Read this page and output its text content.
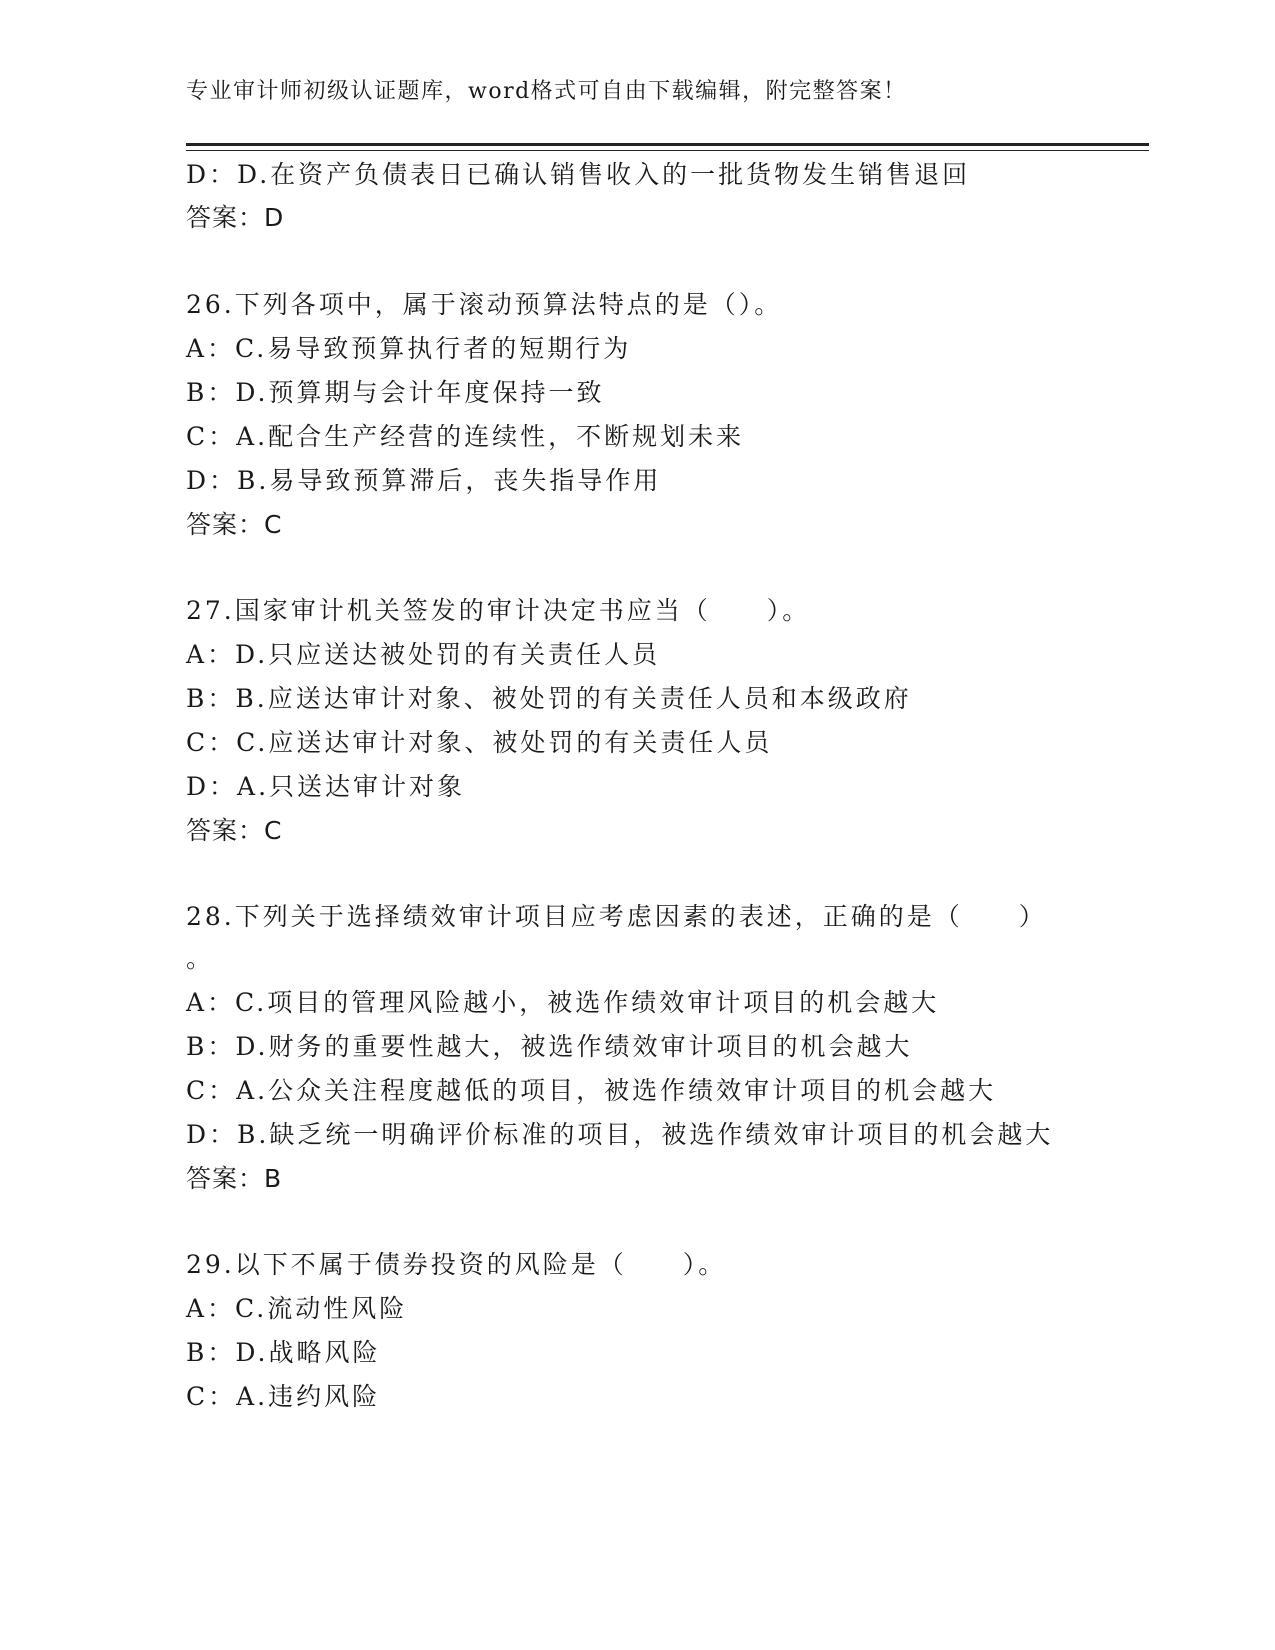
专业审计师初级认证题库，word格式可自由下载编辑，附完整答案！
D：D.在资产负债表日已确认销售收入的一批货物发生销售退回
答案：D
26.下列各项中，属于滚动预算法特点的是（）。
A：C.易导致预算执行者的短期行为
B：D.预算期与会计年度保持一致
C：A.配合生产经营的连续性，不断规划未来
D：B.易导致预算滞后，丧失指导作用
答案：C
27.国家审计机关签发的审计决定书应当（　　）。
A：D.只应送达被处罚的有关责任人员
B：B.应送达审计对象、被处罚的有关责任人员和本级政府
C：C.应送达审计对象、被处罚的有关责任人员
D：A.只送达审计对象
答案：C
28.下列关于选择绩效审计项目应考虑因素的表述，正确的是（　　）
。
A：C.项目的管理风险越小，被选作绩效审计项目的机会越大
B：D.财务的重要性越大，被选作绩效审计项目的机会越大
C：A.公众关注程度越低的项目，被选作绩效审计项目的机会越大
D：B.缺乏统一明确评价标准的项目，被选作绩效审计项目的机会越大
答案：B
29.以下不属于债券投资的风险是（　　）。
A：C.流动性风险
B：D.战略风险
C：A.违约风险
